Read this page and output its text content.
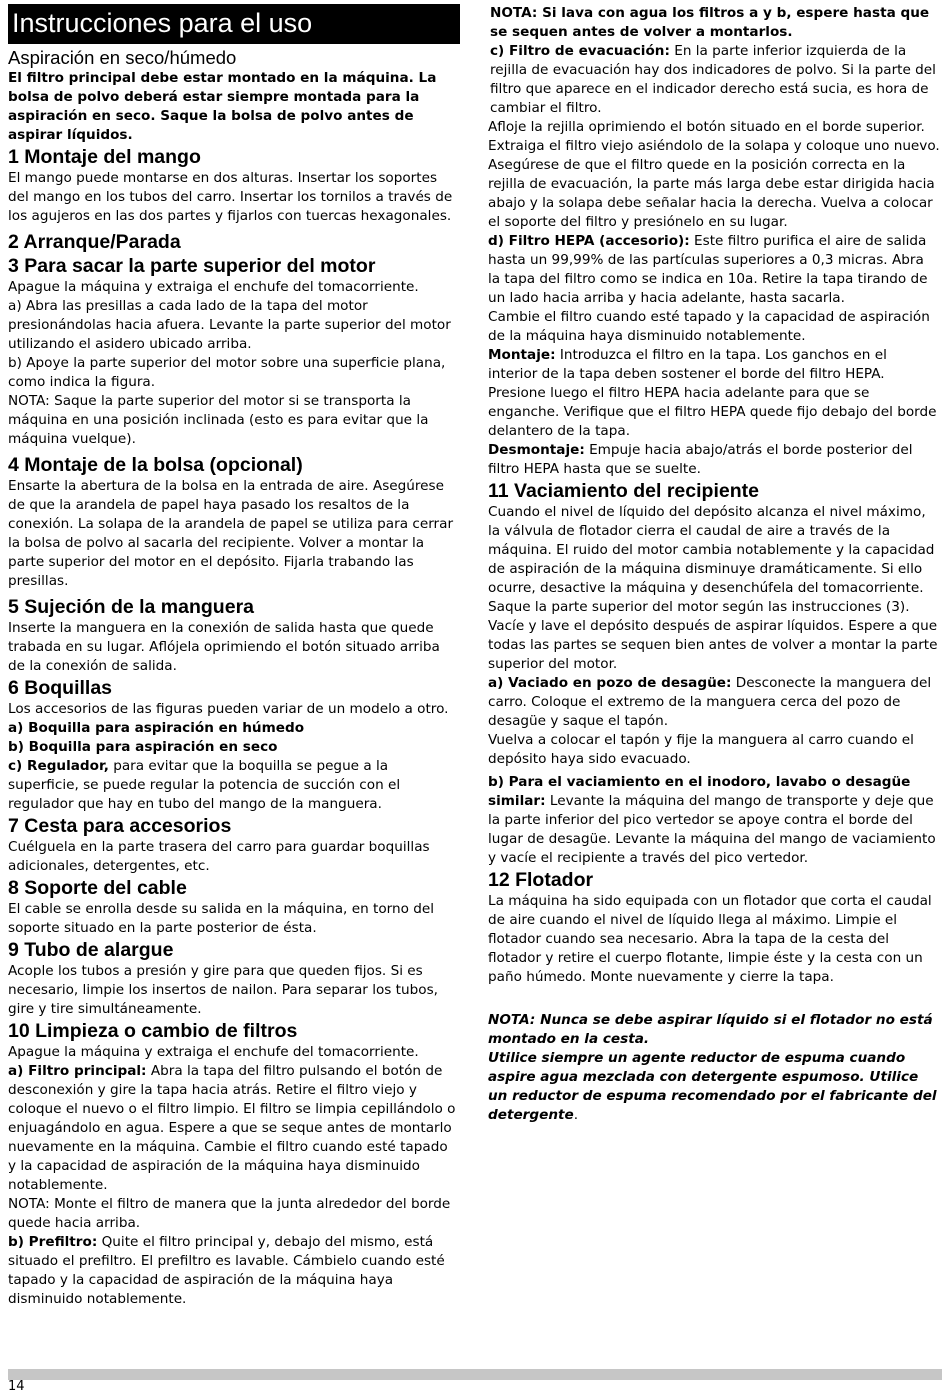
Instrucciones para el uso
Aspiración en seco/húmedo

El filtro principal debe estar montado en la máquina. La bolsa de polvo deberá estar siempre montada para la aspiración en seco. Saque la bolsa de polvo antes de aspirar líquidos.

1 Montaje del mango

El mango puede montarse en dos alturas. Insertar los soportes del mango en los tubos del carro. Insertar los tornilos a través de los agujeros en las dos partes y fijarlos con tuercas hexagonales.

2 Arranque/Parada
3 Para sacar la parte superior del motor

Apague la máquina y extraiga el enchufe del tomacorriente.

a) Abra las presillas a cada lado de la tapa del motor presionándolas hacia afuera. Levante la parte superior del motor utilizando el asidero ubicado arriba.

b) Apoye la parte superior del motor sobre una superficie plana, como indica la figura.

NOTA: Saque la parte superior del motor si se transporta la máquina en una posición inclinada (esto es para evitar que la máquina vuelque).

4 Montaje de la bolsa (opcional)

Ensarte la abertura de la bolsa en la entrada de aire. Asegúrese de que la arandela de papel haya pasado los resaltos de la conexión. La solapa de la arandela de papel se utiliza para cerrar la bolsa de polvo al sacarla del recipiente. Volver a montar la parte superior del motor en el depósito. Fijarla trabando las presillas.

5 Sujeción de la manguera

Inserte la manguera en la conexión de salida hasta que quede trabada en su lugar. Aflójela oprimiendo el botón situado arriba de la conexión de salida.

6 Boquillas

Los accesorios de las figuras pueden variar de un modelo a otro.

a) Boquilla para aspiración en húmedo

b) Boquilla para aspiración en seco

c) Regulador, para evitar que la boquilla se pegue a la superficie, se puede regular la potencia de succión con el regulador que hay en tubo del mango de la manguera.

7 Cesta para accesorios

Cuélguela en la parte trasera del carro para guardar boquillas adicionales, detergentes, etc.

8 Soporte del cable

El cable se enrolla desde su salida en la máquina, en torno del soporte situado en la parte posterior de ésta.

9 Tubo de alargue

Acople los tubos a presión y gire para que queden fijos. Si es necesario, limpie los insertos de nailon. Para separar los tubos, gire y tire simultáneamente.

10 Limpieza o cambio de filtros

Apague la máquina y extraiga el enchufe del tomacorriente.

a) Filtro principal: Abra la tapa del filtro pulsando el botón de desconexión y gire la tapa hacia atrás. Retire el filtro viejo y coloque el nuevo o el filtro limpio. El filtro se limpia cepillándolo o enjuagándolo en agua. Espere a que se seque antes de montarlo nuevamente en la máquina. Cambie el filtro cuando esté tapado y la capacidad de aspiración de la máquina haya disminuido notablemente.

NOTA: Monte el filtro de manera que la junta alrededor del borde quede hacia arriba.

b) Prefiltro: Quite el filtro principal y, debajo del mismo, está situado el prefiltro. El prefiltro es lavable. Cámbielo cuando esté tapado y la capacidad de aspiración de la máquina haya disminuido notablemente.

NOTA: Si lava con agua los filtros a y b, espere hasta que se sequen antes de volver a montarlos.

c) Filtro de evacuación: En la parte inferior izquierda de la rejilla de evacuación hay dos indicadores de polvo. Si la parte del filtro que aparece en el indicador derecho está sucia, es hora de cambiar el filtro.

Afloje la rejilla oprimiendo el botón situado en el borde superior. Extraiga el filtro viejo asiéndolo de la solapa y coloque uno nuevo. Asegúrese de que el filtro quede en la posición correcta en la rejilla de evacuación, la parte más larga debe estar dirigida hacia abajo y la solapa debe señalar hacia la derecha. Vuelva a colocar el soporte del filtro y presiónelo en su lugar.

d) Filtro HEPA (accesorio): Este filtro purifica el aire de salida hasta un 99,99% de las partículas superiores a 0,3 micras. Abra la tapa del filtro como se indica en 10a. Retire la tapa tirando de un lado hacia arriba y hacia adelante, hasta sacarla.

Cambie el filtro cuando esté tapado y la capacidad de aspiración de la máquina haya disminuido notablemente.

Montaje: Introduzca el filtro en la tapa. Los ganchos en el interior de la tapa deben sostener el borde del filtro HEPA. Presione luego el filtro HEPA hacia adelante para que se enganche. Verifique que el filtro HEPA quede fijo debajo del borde delantero de la tapa.

Desmontaje: Empuje hacia abajo/atrás el borde posterior del filtro HEPA hasta que se suelte.

11 Vaciamiento del recipiente

Cuando el nivel de líquido del depósito alcanza el nivel máximo, la válvula de flotador cierra el caudal de aire a través de la máquina. El ruido del motor cambia notablemente y la capacidad de aspiración de la máquina disminuye dramáticamente. Si ello ocurre, desactive la máquina y desenchúfela del tomacorriente. Saque la parte superior del motor según las instrucciones (3). Vacíe y lave el depósito después de aspirar líquidos. Espere a que todas las partes se sequen bien antes de volver a montar la parte superior del motor.

a) Vaciado en pozo de desagüe: Desconecte la manguera del carro. Coloque el extremo de la manguera cerca del pozo de desagüe y saque el tapón.

Vuelva a colocar el tapón y fije la manguera al carro cuando el depósito haya sido evacuado.

b) Para el vaciamiento en el inodoro, lavabo o desagüe similar: Levante la máquina del mango de transporte y deje que la parte inferior del pico vertedor se apoye contra el borde del lugar de desagüe. Levante la máquina del mango de vaciamiento y vacíe el recipiente a través del pico vertedor.

12 Flotador

La máquina ha sido equipada con un flotador que corta el caudal de aire cuando el nivel de líquido llega al máximo. Limpie el flotador cuando sea necesario. Abra la tapa de la cesta del flotador y retire el cuerpo flotante, limpie éste y la cesta con un paño húmedo. Monte nuevamente y cierre la tapa.

NOTA: Nunca se debe aspirar líquido si el flotador no está montado en la cesta.

Utilice siempre un agente reductor de espuma cuando aspire agua mezclada con detergente espumoso. Utilice un reductor de espuma recomendado por el fabricante del detergente.

14
